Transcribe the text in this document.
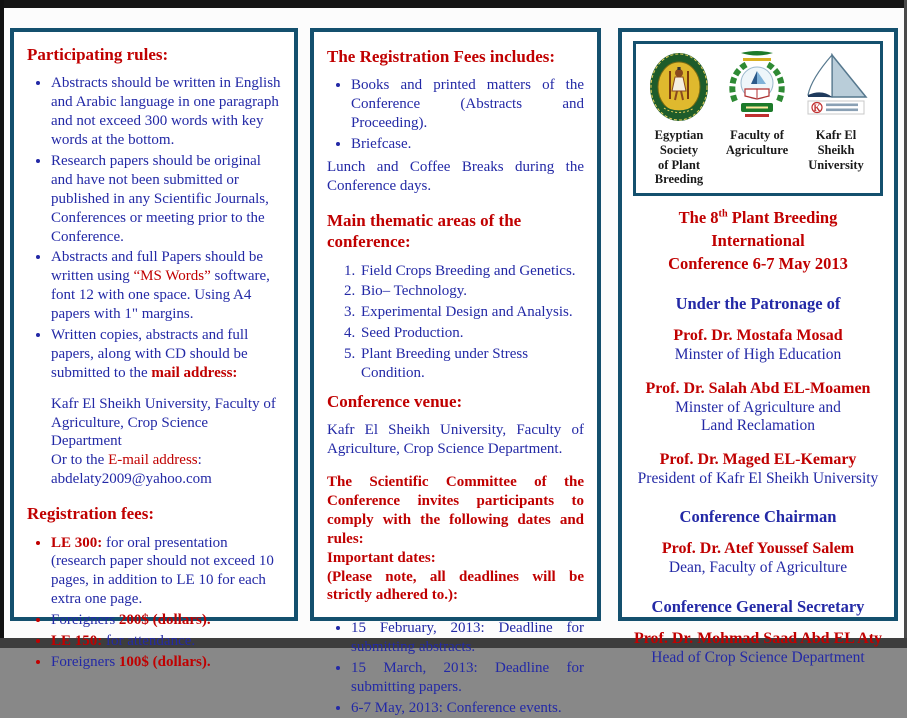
Participating rules:
• Abstracts should be written in English and Arabic language in one paragraph and not exceed 300 words with key words at the bottom.
• Research papers should be original and have not been submitted or published in any Scientific Journals, Conferences or meeting prior to the Conference.
• Abstracts and full Papers should be written using “MS Words” software, font 12 with one space. Using A4 papers with 1" margins.
• Written copies, abstracts and full papers, along with CD should be submitted to the mail address:
Kafr El Sheikh University, Faculty of Agriculture, Crop Science Department
Or to the E-mail address:
abdelaty2009@yahoo.com
Registration fees:
• LE 300: for oral presentation (research paper should not exceed 10 pages, in addition to LE 10 for each extra one page.
• Foreigners 200$ (dollars).
• LE 150: for attendance.
• Foreigners 100$ (dollars).
The Registration Fees includes:
• Books and printed matters of the Conference (Abstracts and Proceeding).
• Briefcase.

Lunch and Coffee Breaks during the Conference days.

Main thematic areas of the conference:
1. Field Crops Breeding and Genetics.
2. Bio– Technology.
3. Experimental Design and Analysis.
4. Seed Production.
5. Plant Breeding under Stress Condition.
Conference venue:

Kafr El Sheikh University, Faculty of Agriculture, Crop Science Department.

The Scientific Committee of the Conference invites participants to comply with the following dates and rules:

Important dates:

(Please note, all deadlines will be strictly adhered to.):

• 15 February, 2013: Deadline for submitting abstracts.
• 15 March, 2013: Deadline for submitting papers.
• 6-7 May, 2013: Conference events.
Egyptian Society
of Plant Breeding
Faculty of
Agriculture
K
Kafr El Sheikh
University
The 8th Plant Breeding International
Conference 6-7 May 2013
Under the Patronage of
Prof. Dr. Mostafa Mosad
Minster of High Education
Prof. Dr. Salah Abd EL-Moamen
Minster of Agriculture and
Land Reclamation
Prof. Dr. Maged EL-Kemary
President of Kafr El Sheikh University
Conference Chairman
Prof. Dr. Atef Youssef Salem
Dean, Faculty of Agriculture
Conference General Secretary
Prof. Dr. Mohmad Saad Abd EL Aty
Head of Crop Science Department
